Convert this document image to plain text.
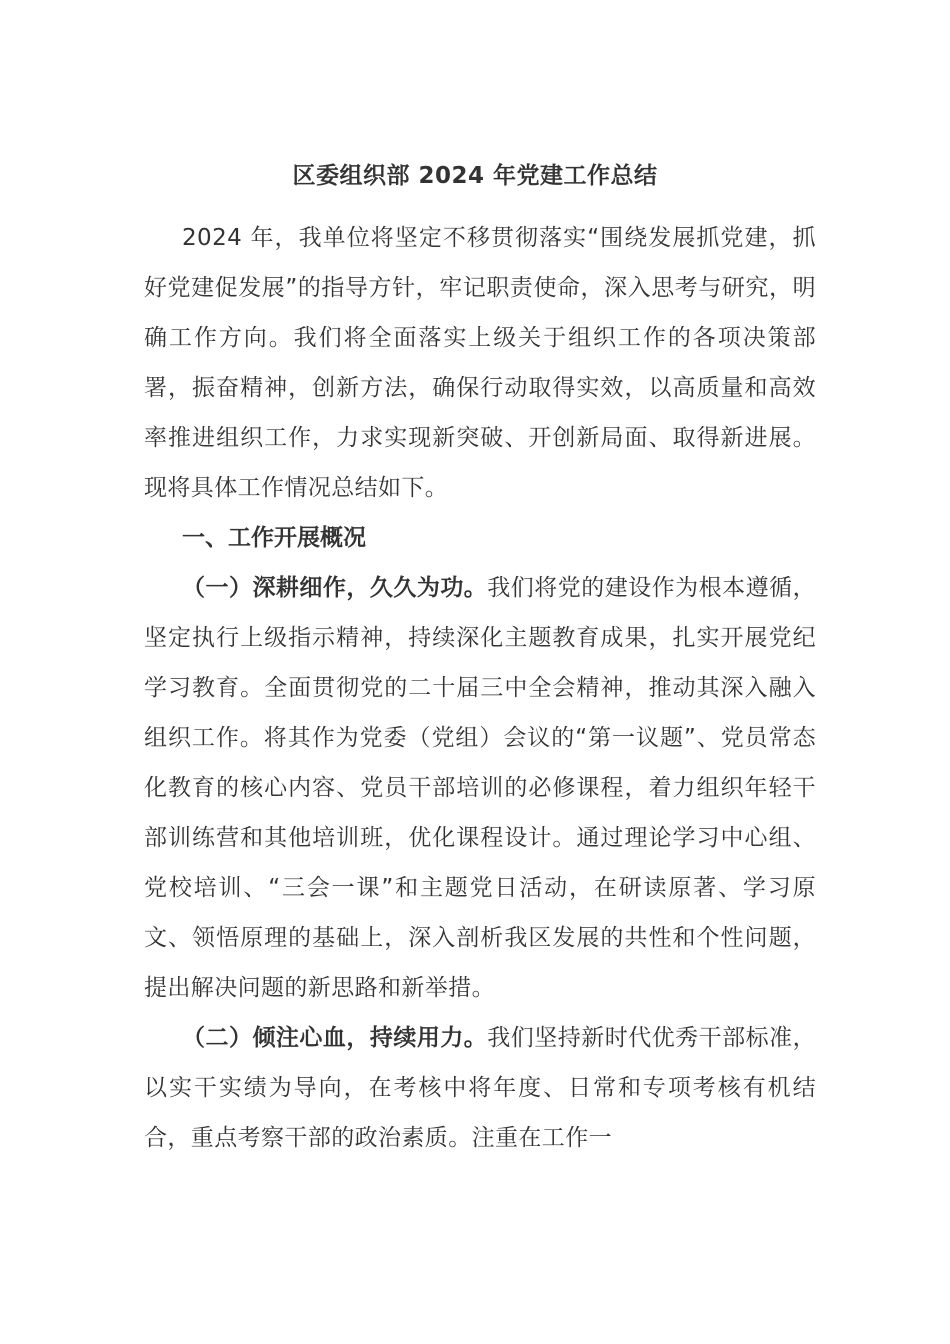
区委组织部 2024 年党建工作总结

2024 年，我单位将坚定不移贯彻落实“围绕发展抓党建，抓好党建促发展”的指导方针，牢记职责使命，深入思考与研究，明确工作方向。我们将全面落实上级关于组织工作的各项决策部署，振奋精神，创新方法，确保行动取得实效，以高质量和高效率推进组织工作，力求实现新突破、开创新局面、取得新进展。现将具体工作情况总结如下。

一、工作开展概况

（一）深耕细作，久久为功。我们将党的建设作为根本遵循，坚定执行上级指示精神，持续深化主题教育成果，扎实开展党纪学习教育。全面贯彻党的二十届三中全会精神，推动其深入融入组织工作。将其作为党委（党组）会议的“第一议题”、党员常态化教育的核心内容、党员干部培训的必修课程，着力组织年轻干部训练营和其他培训班，优化课程设计。通过理论学习中心组、党校培训、“三会一课”和主题党日活动，在研读原著、学习原文、领悟原理的基础上，深入剖析我区发展的共性和个性问题，提出解决问题的新思路和新举措。

（二）倾注心血，持续用力。我们坚持新时代优秀干部标准，以实干实绩为导向，在考核中将年度、日常和专项考核有机结合，重点考察干部的政治素质。注重在工作一
